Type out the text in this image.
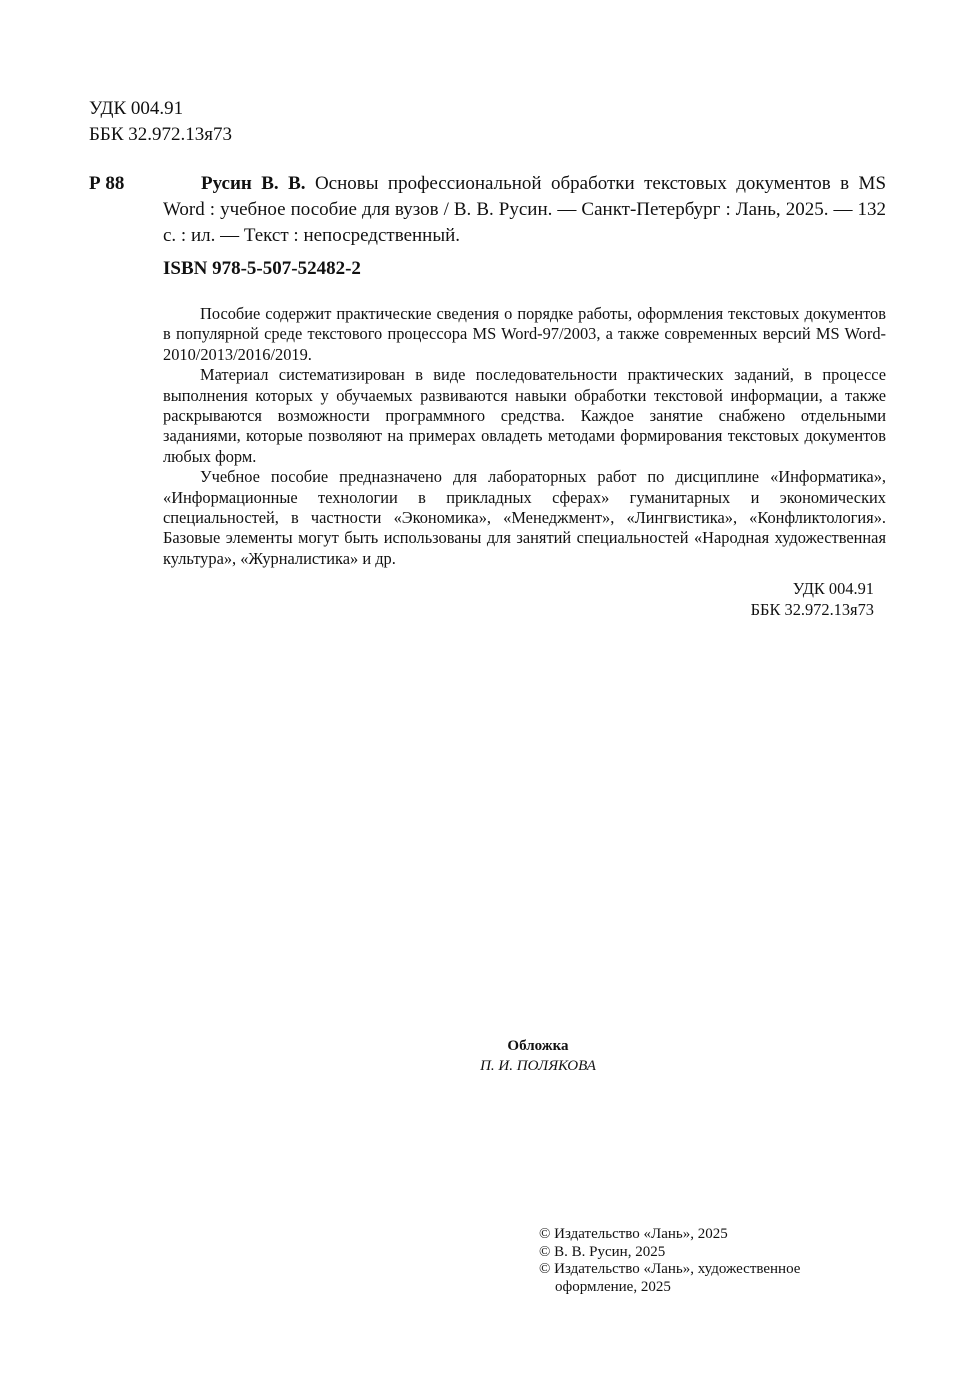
УДК 004.91
ББК 32.972.13я73
Р 88	Русин В. В. Основы профессиональной обработки текстовых документов в MS Word : учебное пособие для вузов / В. В. Русин. — Санкт-Петербург : Лань, 2025. — 132 с. : ил. — Текст : непосредственный.
ISBN 978-5-507-52482-2

Пособие содержит практические сведения о порядке работы, оформления текстовых документов в популярной среде текстового процессора MS Word-97/2003, а также современных версий MS Word-2010/2013/2016/2019.

Материал систематизирован в виде последовательности практических заданий, в процессе выполнения которых у обучаемых развиваются навыки обработки текстовой информации, а также раскрываются возможности программного средства. Каждое занятие снабжено отдельными заданиями, которые позволяют на примерах овладеть методами формирования текстовых документов любых форм.

Учебное пособие предназначено для лабораторных работ по дисциплине «Информатика», «Информационные технологии в прикладных сферах» гуманитарных и экономических специальностей, в частности «Экономика», «Менеджмент», «Лингвистика», «Конфликтология». Базовые элементы могут быть использованы для занятий специальностей «Народная художественная культура», «Журналистика» и др.

УДК 004.91
ББК 32.972.13я73
Обложка
П. И. ПОЛЯКОВА
© Издательство «Лань», 2025
© В. В. Русин, 2025
© Издательство «Лань», художественное оформление, 2025
